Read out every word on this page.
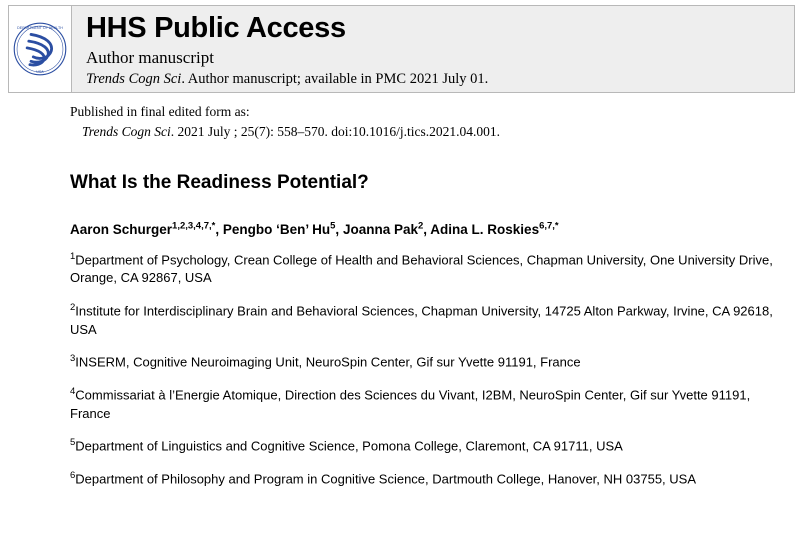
DEPARTMENT OF HEALTH
USA
HHS Public Access
Author manuscript
Trends Cogn Sci. Author manuscript; available in PMC 2021 July 01.
Published in final edited form as:
Trends Cogn Sci. 2021 July ; 25(7): 558–570. doi:10.1016/j.tics.2021.04.001.
What Is the Readiness Potential?
Aaron Schurger$^{1,2,3,4,7,*}$, Pengbo ‘Ben’ Hu$^5$, Joanna Pak$^2$, Adina L. Roskies$^{6,7,*}$
$^1$Department of Psychology, Crean College of Health and Behavioral Sciences, Chapman University, One University Drive, Orange, CA 92867, USA
$^2$Institute for Interdisciplinary Brain and Behavioral Sciences, Chapman University, 14725 Alton Parkway, Irvine, CA 92618, USA
$^3$INSERM, Cognitive Neuroimaging Unit, NeuroSpin Center, Gif sur Yvette 91191, France
$^4$Commissariat à l’Energie Atomique, Direction des Sciences du Vivant, I2BM, NeuroSpin Center, Gif sur Yvette 91191, France
$^5$Department of Linguistics and Cognitive Science, Pomona College, Claremont, CA 91711, USA
$^6$Department of Philosophy and Program in Cognitive Science, Dartmouth College, Hanover, NH 03755, USA
